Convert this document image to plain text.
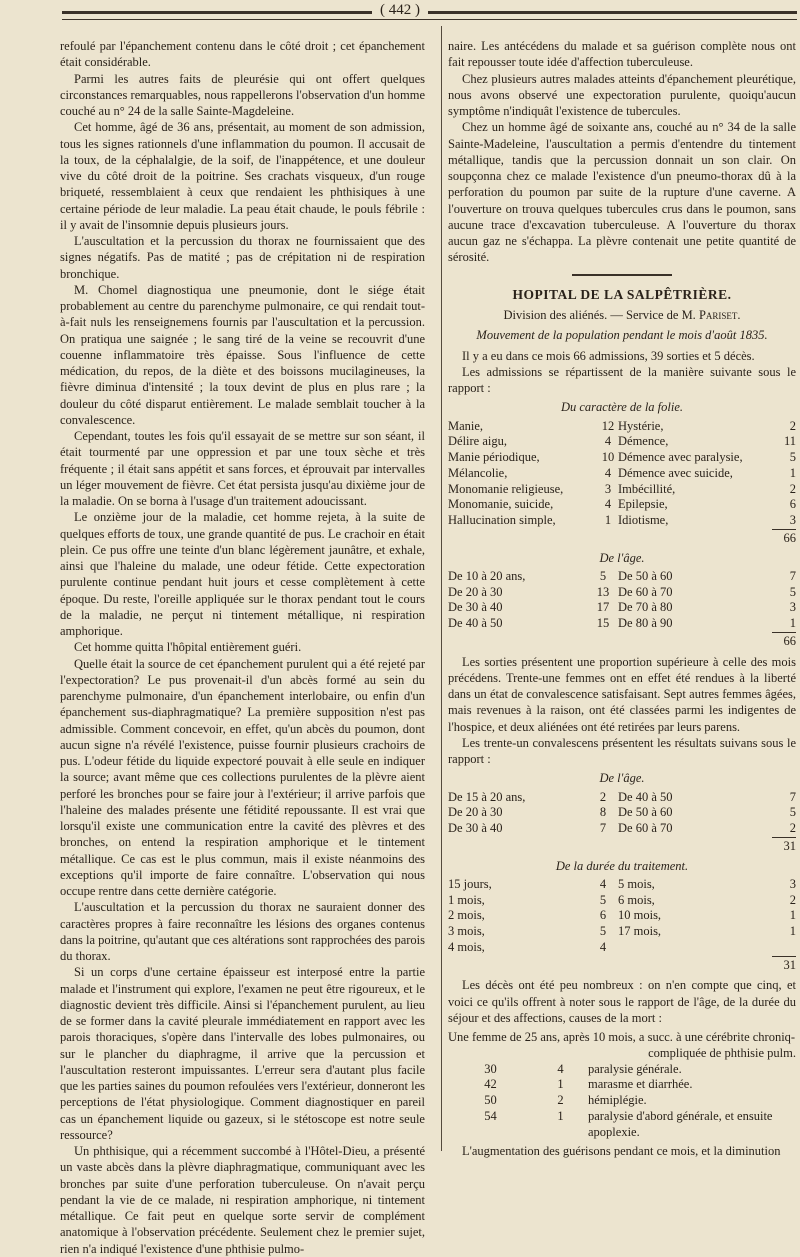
( 442 )

refoulé par l'épanchement contenu dans le côté droit ; cet épanchement était considérable.

Parmi les autres faits de pleurésie qui ont offert quelques circonstances remarquables, nous rappellerons l'observation d'un homme couché au n° 24 de la salle Sainte-Magdeleine.

Cet homme, âgé de 36 ans, présentait, au moment de son admission, tous les signes rationnels d'une inflammation du poumon. Il accusait de la toux, de la céphalalgie, de la soif, de l'inappétence, et une douleur vive du côté droit de la poitrine. Ses crachats visqueux, d'un rouge briqueté, ressemblaient à ceux que rendaient les phthisiques à une certaine période de leur maladie. La peau était chaude, le pouls fébrile : il y avait de l'insomnie depuis plusieurs jours.

L'auscultation et la percussion du thorax ne fournissaient que des signes négatifs. Pas de matité ; pas de crépitation ni de respiration bronchique.

M. Chomel diagnostiqua une pneumonie, dont le siége était probablement au centre du parenchyme pulmonaire, ce qui rendait tout-à-fait nuls les renseignemens fournis par l'auscultation et la percussion. On pratiqua une saignée ; le sang tiré de la veine se recouvrit d'une couenne inflammatoire très épaisse. Sous l'influence de cette médication, du repos, de la diète et des boissons mucilagineuses, la fièvre diminua d'intensité ; la toux devint de plus en plus rare ; la douleur du côté disparut entièrement. Le malade semblait toucher à la convalescence.

Cependant, toutes les fois qu'il essayait de se mettre sur son séant, il était tourmenté par une oppression et par une toux sèche et très fréquente ; il était sans appétit et sans forces, et éprouvait par intervalles un léger mouvement de fièvre. Cet état persista jusqu'au dixième jour de la maladie. On se borna à l'usage d'un traitement adoucissant.

Le onzième jour de la maladie, cet homme rejeta, à la suite de quelques efforts de toux, une grande quantité de pus. Le crachoir en était plein. Ce pus offre une teinte d'un blanc légèrement jaunâtre, et exhale, ainsi que l'haleine du malade, une odeur fétide. Cette expectoration purulente continue pendant huit jours et cesse complètement à cette époque. Du reste, l'oreille appliquée sur le thorax pendant tout le cours de la maladie, ne perçut ni tintement métallique, ni respiration amphorique.

Cet homme quitta l'hôpital entièrement guéri.

Quelle était la source de cet épanchement purulent qui a été rejeté par l'expectoration? Le pus provenait-il d'un abcès formé au sein du parenchyme pulmonaire, d'un épanchement interlobaire, ou enfin d'un épanchement sus-diaphragmatique? La première supposition n'est pas admissible. Comment concevoir, en effet, qu'un abcès du poumon, dont aucun signe n'a révélé l'existence, puisse fournir plusieurs crachoirs de pus. L'odeur fétide du liquide expectoré pouvait à elle seule en indiquer la source; avant même que ces collections purulentes de la plèvre aient perforé les bronches pour se faire jour à l'extérieur; il arrive parfois que l'haleine des malades présente une fétidité repoussante. Il est vrai que lorsqu'il existe une communication entre la cavité des plèvres et des bronches, on entend la respiration amphorique et le tintement métallique. Ce cas est le plus commun, mais il existe néanmoins des exceptions qu'il importe de faire connaître. L'observation qui nous occupe rentre dans cette dernière catégorie.

L'auscultation et la percussion du thorax ne sauraient donner des caractères propres à faire reconnaître les lésions des organes contenus dans la poitrine, qu'autant que ces altérations sont rapprochées des parois du thorax.

Si un corps d'une certaine épaisseur est interposé entre la partie malade et l'instrument qui explore, l'examen ne peut être rigoureux, et le diagnostic devient très difficile. Ainsi si l'épanchement purulent, au lieu de se former dans la cavité pleurale immédiatement en rapport avec les parois thoraciques, s'opère dans l'intervalle des lobes pulmonaires, ou sur le plancher du diaphragme, il arrive que la percussion et l'auscultation resteront impuissantes. L'erreur sera d'autant plus facile que les parties saines du poumon refoulées vers l'extérieur, donneront les perceptions de l'état physiologique. Comment diagnostiquer en pareil cas un épanchement liquide ou gazeux, si le stétoscope est notre seule ressource?

Un phthisique, qui a récemment succombé à l'Hôtel-Dieu, a présenté un vaste abcès dans la plèvre diaphragmatique, communiquant avec les bronches par suite d'une perforation tuberculeuse. On n'avait perçu pendant la vie de ce malade, ni respiration amphorique, ni tintement métallique. Ce fait peut en quelque sorte servir de complément anatomique à l'observation précédente. Seulement chez le premier sujet, rien n'a indiqué l'existence d'une phthisie pulmo-

naire. Les antécédens du malade et sa guérison complète nous ont fait repousser toute idée d'affection tuberculeuse.

Chez plusieurs autres malades atteints d'épanchement pleurétique, nous avons observé une expectoration purulente, quoiqu'aucun symptôme n'indiquât l'existence de tubercules.

Chez un homme âgé de soixante ans, couché au n° 34 de la salle Sainte-Madeleine, l'auscultation a permis d'entendre du tintement métallique, tandis que la percussion donnait un son clair. On soupçonna chez ce malade l'existence d'un pneumo-thorax dû à la perforation du poumon par suite de la rupture d'une caverne. A l'ouverture on trouva quelques tubercules crus dans le poumon, sans aucune trace d'excavation tuberculeuse. A l'ouverture du thorax aucun gaz ne s'échappa. La plèvre contenait une petite quantité de sérosité.

HOPITAL DE LA SALPÊTRIÈRE.
Division des aliénés. — Service de M. Pariset.
Mouvement de la population pendant le mois d'août 1835.

Il y a eu dans ce mois 66 admissions, 39 sorties et 5 décès.

Les admissions se répartissent de la manière suivante sous le rapport :

Du caractère de la folie.
Manie,	12	Hystérie,	2
Délire aigu,	4	Démence,	11
Manie périodique,	10	Démence avec paralysie,	5
Mélancolie,	4	Démence avec suicide,	1
Monomanie religieuse,	3	Imbécillité,	2
Monomanie, suicide,	4	Epilepsie,	6
Hallucination simple,	1	Idiotisme,	3
66			
De l'âge.
De 10 à 20 ans,	5	De 50 à 60	7
De 20 à 30	13	De 60 à 70	5
De 30 à 40	17	De 70 à 80	3
De 40 à 50	15	De 80 à 90	1
66			

Les sorties présentent une proportion supérieure à celle des mois précédens. Trente-une femmes ont en effet été rendues à la liberté dans un état de convalescence satisfaisant. Sept autres femmes âgées, mais revenues à la raison, ont été classées parmi les indigentes de l'hospice, et deux aliénées ont été retirées par leurs parens.

Les trente-un convalescens présentent les résultats suivans sous le rapport :

De l'âge.
De 15 à 20 ans,	2	De 40 à 50	7
De 20 à 30	8	De 50 à 60	5
De 30 à 40	7	De 60 à 70	2
31			
De la durée du traitement.
15 jours,	4	5 mois,	3
1 mois,	5	6 mois,	2
2 mois,	6	10 mois,	1
3 mois,	5	17 mois,	1
4 mois,	4		
31			

Les décès ont été peu nombreux : on n'en compte que cinq, et voici ce qu'ils offrent à noter sous le rapport de l'âge, de la durée du séjour et des affections, causes de la mort :

Une femme de 25 ans, après 10 mois, a succ. à une cérébrite chroniq-

compliquée de phthisie pulm.

30	4	paralysie générale.
42	1	marasme et diarrhée.
50	2	hémiplégie.
54	1	paralysie d'abord générale, et ensuite apoplexie.

L'augmentation des guérisons pendant ce mois, et la diminution
